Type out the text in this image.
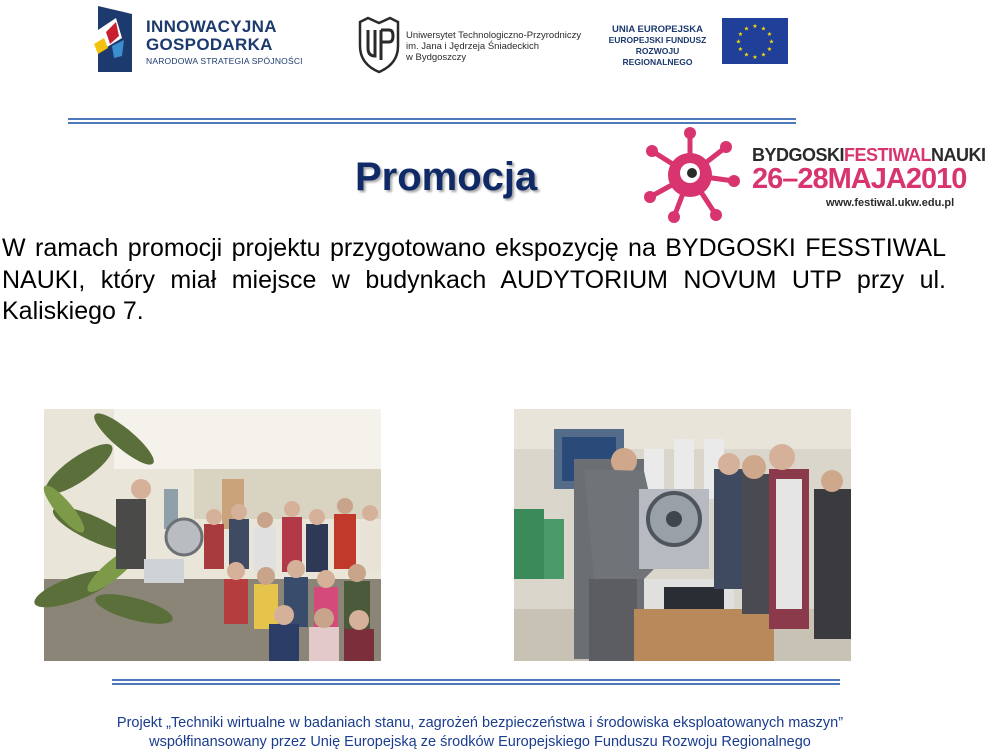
INNOWACYJNA
GOSPODARKA
NARODOWA STRATEGIA SPÓJNOŚCI
Uniwersytet Technologiczno-Przyrodniczy
im. Jana i Jędrzeja Śniadeckich
w Bydgoszczy
UNIA EUROPEJSKA
EUROPEJSKI FUNDUSZ
ROZWOJU REGIONALNEGO
★ ★
★
★
★
★
★
★
★
★
★
★
Promocja	BYDGOSKIFESTIWALNAUKI
26–28MAJA2010
www.festiwal.ukw.edu.pl

W ramach promocji projektu przygotowano ekspozycję na BYDGOSKI FESSTIWAL NAUKI, który miał miejsce w budynkach AUDYTORIUM NOVUM UTP przy ul. Kaliskiego 7.

Projekt „Techniki wirtualne w badaniach stanu, zagrożeń bezpieczeństwa i środowiska eksploatowanych maszyn”
współfinansowany przez Unię Europejską ze środków Europejskiego Funduszu Rozwoju Regionalnego
